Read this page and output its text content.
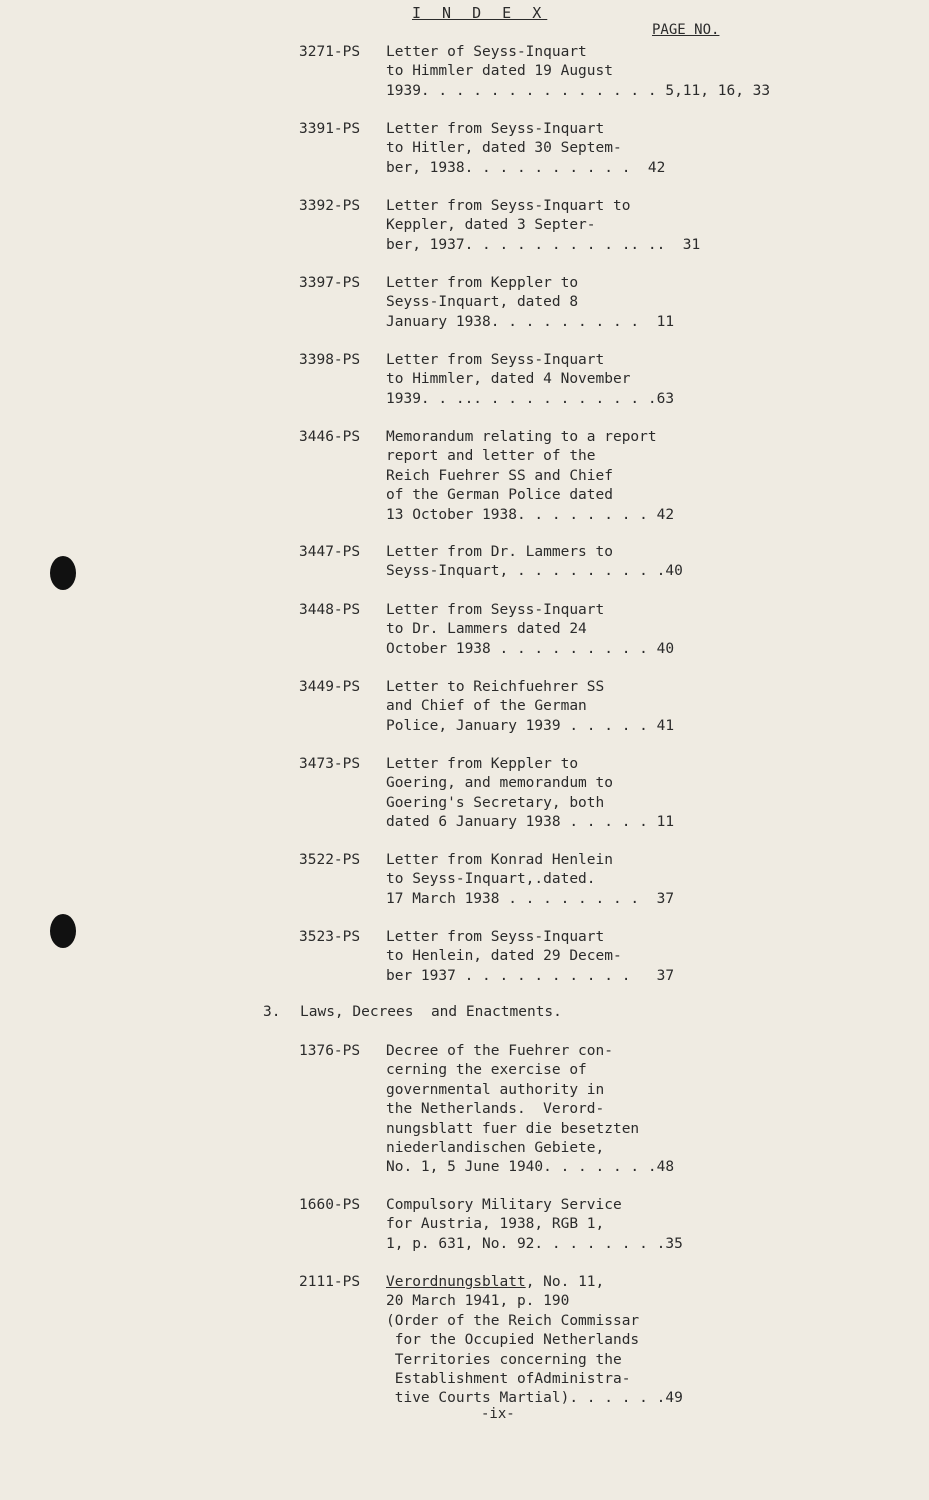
I N D E X
PAGE NO.
3271-PS Letter of Seyss-Inquart
to Himmler dated 19 August
1939. . . . . . . . . . . . . . 5,11, 16, 33
3391-PS Letter from Seyss-Inquart
to Hitler, dated 30 Septem-
ber, 1938. . . . . . . . . .  42
3392-PS Letter from Seyss-Inquart to
Keppler, dated 3 Septer-
ber, 1937. . . . . . . . . .. ..  31
3397-PS Letter from Keppler to
Seyss-Inquart, dated 8
January 1938. . . . . . . . .  11
3398-PS Letter from Seyss-Inquart
to Himmler, dated 4 November
1939. . ... . . . . . . . . . .63
3446-PS Memorandum relating to a report
report and letter of the
Reich Fuehrer SS and Chief
of the German Police dated
13 October 1938. . . . . . . . 42
3447-PS Letter from Dr. Lammers to
Seyss-Inquart, . . . . . . . . .40
3448-PS Letter from Seyss-Inquart
to Dr. Lammers dated 24
October 1938 . . . . . . . . . 40
3449-PS Letter to Reichfuehrer SS
and Chief of the German
Police, January 1939 . . . . . 41
3473-PS Letter from Keppler to
Goering, and memorandum to
Goering's Secretary, both
dated 6 January 1938 . . . . . 11
3522-PS Letter from Konrad Henlein
to Seyss-Inquart,.dated.
17 March 1938 . . . . . . . .  37
3523-PS Letter from Seyss-Inquart
to Henlein, dated 29 Decem-
ber 1937 . . . . . . . . . .   37

3.

Laws, Decrees  and Enactments.

1376-PS Decree of the Fuehrer con-
cerning the exercise of
governmental authority in
the Netherlands.  Verord-
nungsblatt fuer die besetzten
niederlandischen Gebiete,
No. 1, 5 June 1940. . . . . . .48
1660-PS Compulsory Military Service
for Austria, 1938, RGB 1,
1, p. 631, No. 92. . . . . . . .35
2111-PS Verordnungsblatt, No. 11,
20 March 1941, p. 190
(Order of the Reich Commissar
for the Occupied Netherlands
Territories concerning the
Establishment ofAdministra-
tive Courts Martial). . . . . .49
-ix-
